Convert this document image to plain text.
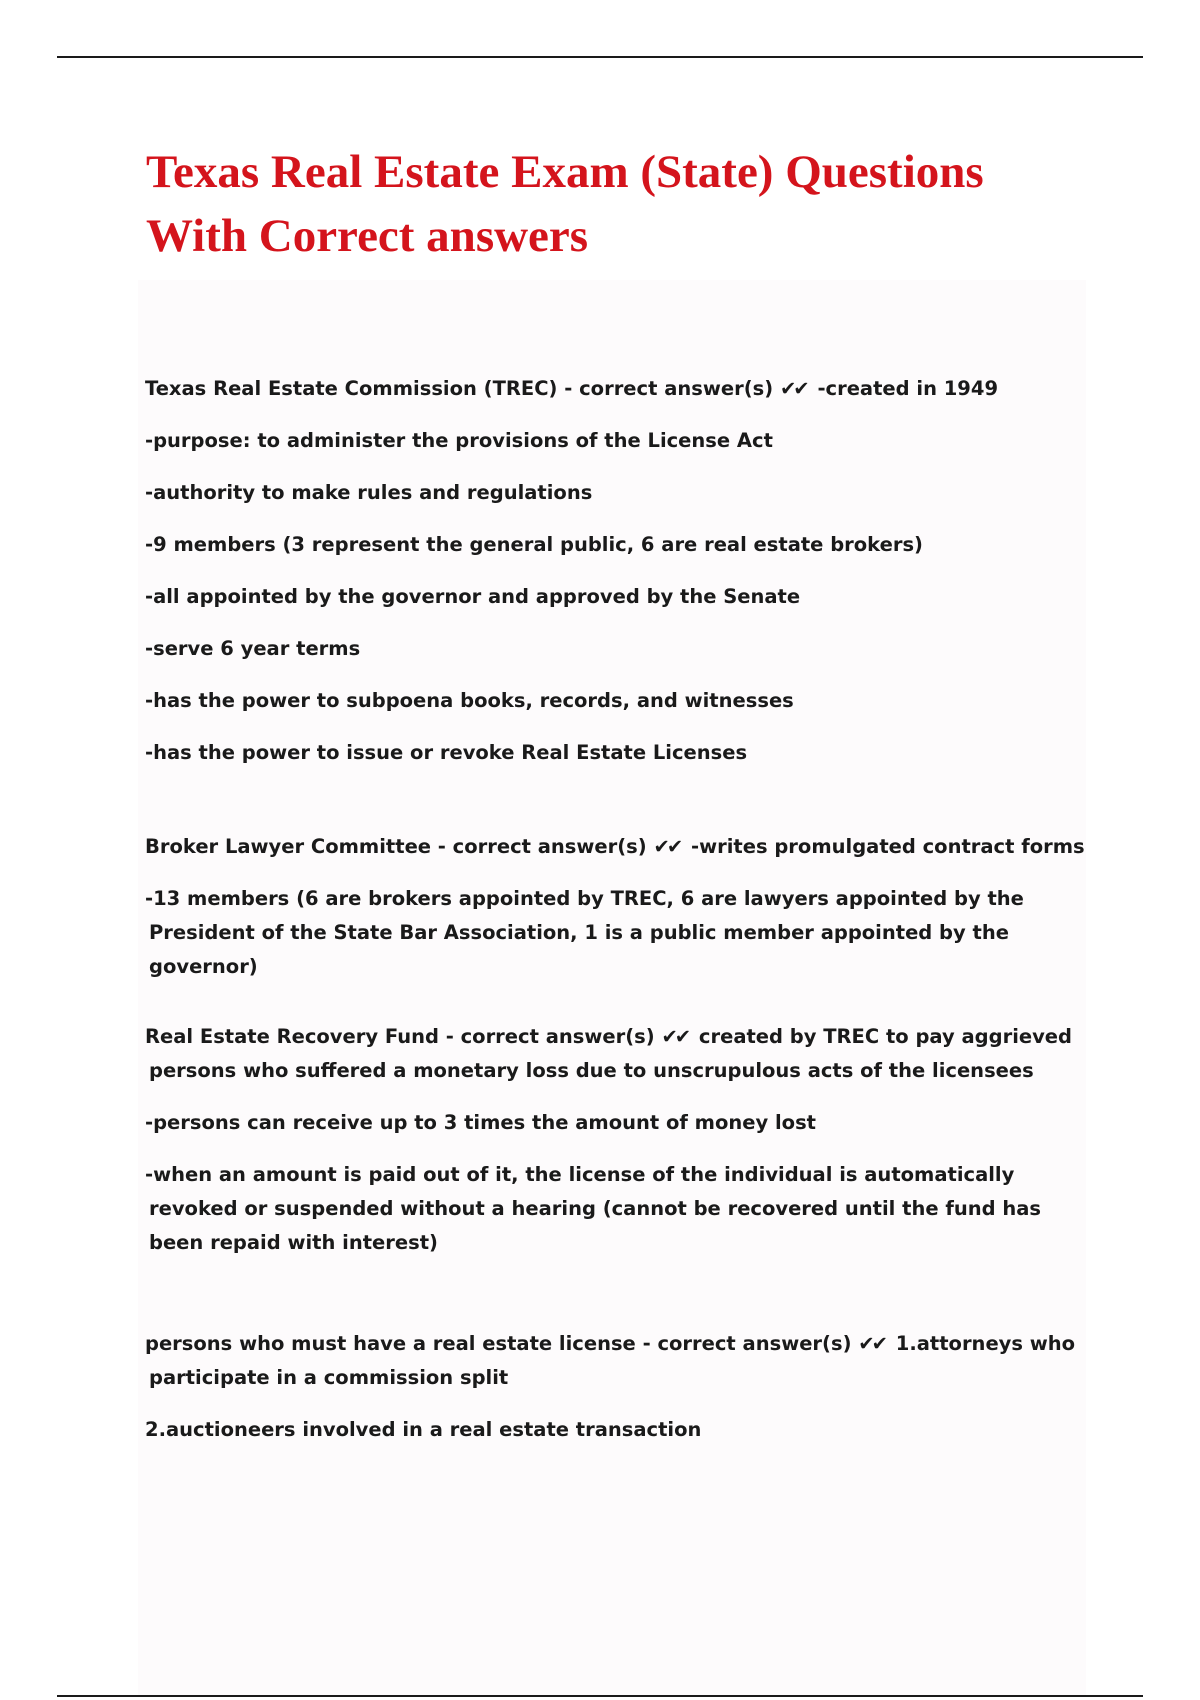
Texas Real Estate Exam (State) Questions
With Correct answers

Texas Real Estate Commission (TREC) - correct answer(s) ✔✔ -created in 1949

-purpose: to administer the provisions of the License Act

-authority to make rules and regulations

-9 members (3 represent the general public, 6 are real estate brokers)

-all appointed by the governor and approved by the Senate

-serve 6 year terms

-has the power to subpoena books, records, and witnesses

-has the power to issue or revoke Real Estate Licenses

Broker Lawyer Committee - correct answer(s) ✔✔ -writes promulgated contract forms

-13 members (6 are brokers appointed by TREC, 6 are lawyers appointed by the President of the State Bar Association, 1 is a public member appointed by the governor)

Real Estate Recovery Fund - correct answer(s) ✔✔ created by TREC to pay aggrieved persons who suffered a monetary loss due to unscrupulous acts of the licensees

-persons can receive up to 3 times the amount of money lost

-when an amount is paid out of it, the license of the individual is automatically revoked or suspended without a hearing (cannot be recovered until the fund has been repaid with interest)

persons who must have a real estate license - correct answer(s) ✔✔ 1.attorneys who participate in a commission split

2.auctioneers involved in a real estate transaction
